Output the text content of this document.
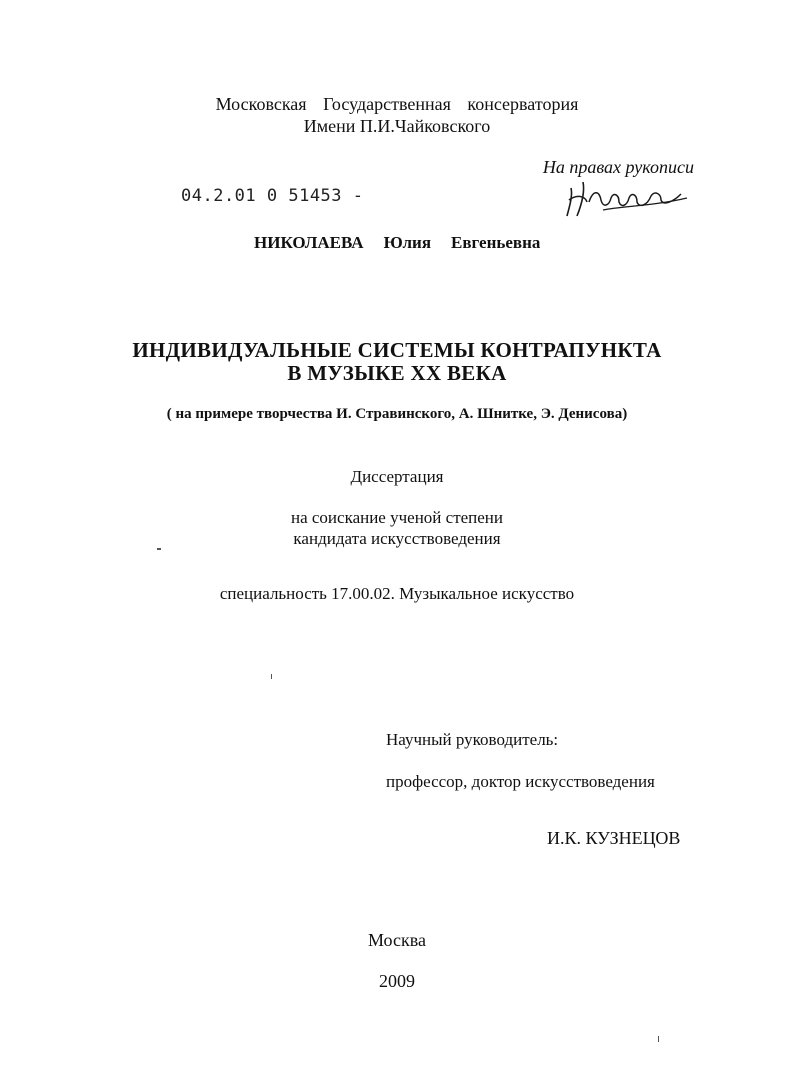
Московская Государственная консерватория
Имени П.И.Чайковского
На правах рукописи
04.2.01 0 51453 -
НИКОЛАЕВА Юлия Евгеньевна
ИНДИВИДУАЛЬНЫЕ СИСТЕМЫ КОНТРАПУНКТА
В МУЗЫКЕ XX ВЕКА
( на примере творчества И. Стравинского, А. Шнитке, Э. Денисова)
Диссертация
на соискание ученой степени
кандидата искусствоведения
специальность 17.00.02. Музыкальное искусство
Научный руководитель:
профессор, доктор искусствоведения
И.К. КУЗНЕЦОВ
Москва
2009
